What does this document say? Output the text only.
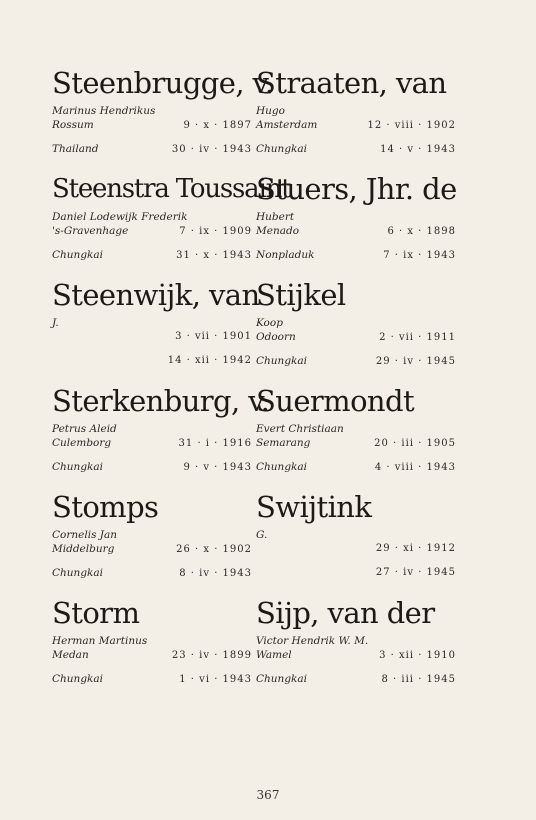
Steenbrugge, v.
Marinus Hendrikus
Rossum	9 · x · 1897
Thailand	30 · iv · 1943
Steenstra Toussaint
Daniel Lodewijk Frederik
's-Gravenhage	7 · ix · 1909
Chungkai	31 · x · 1943
Steenwijk, van
J.
3 · vii · 1901
14 · xii · 1942
Sterkenburg, v.
Petrus Aleid
Culemborg	31 · i · 1916
Chungkai	9 · v · 1943
Stomps
Cornelis Jan
Middelburg	26 · x · 1902
Chungkai	8 · iv · 1943
Storm
Herman Martinus
Medan	23 · iv · 1899
Chungkai	1 · vi · 1943
Straaten, van
Hugo
Amsterdam	12 · viii · 1902
Chungkai	14 · v · 1943
Stuers, Jhr. de
Hubert
Menado	6 · x · 1898
Nonpladuk	7 · ix · 1943
Stijkel
Koop
Odoorn	2 · vii · 1911
Chungkai	29 · iv · 1945
Suermondt
Evert Christiaan
Semarang	20 · iii · 1905
Chungkai	4 · viii · 1943
Swijtink
G.
29 · xi · 1912
27 · iv · 1945
Sijp, van der
Victor Hendrik W. M.
Wamel	3 · xii · 1910
Chungkai	8 · iii · 1945
367
